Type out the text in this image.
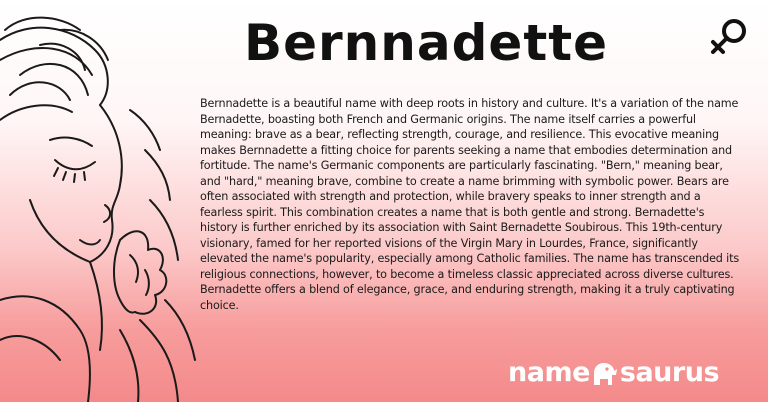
Bernnadette

Bernnadette is a beautiful name with deep roots in history and culture. It's a variation of the name Bernadette, boasting both French and Germanic origins. The name itself carries a powerful meaning: brave as a bear, reflecting strength, courage, and resilience. This evocative meaning makes Bernnadette a fitting choice for parents seeking a name that embodies determination and fortitude. The name's Germanic components are particularly fascinating. "Bern," meaning bear, and "hard," meaning brave, combine to create a name brimming with symbolic power. Bears are often associated with strength and protection, while bravery speaks to inner strength and a fearless spirit. This combination creates a name that is both gentle and strong. Bernadette's history is further enriched by its association with Saint Bernadette Soubirous. This 19th-century visionary, famed for her reported visions of the Virgin Mary in Lourdes, France, significantly elevated the name's popularity, especially among Catholic families. The name has transcended its religious connections, however, to become a timeless classic appreciated across diverse cultures. Bernadette offers a blend of elegance, grace, and enduring strength, making it a truly captivating choice.

name saurus
